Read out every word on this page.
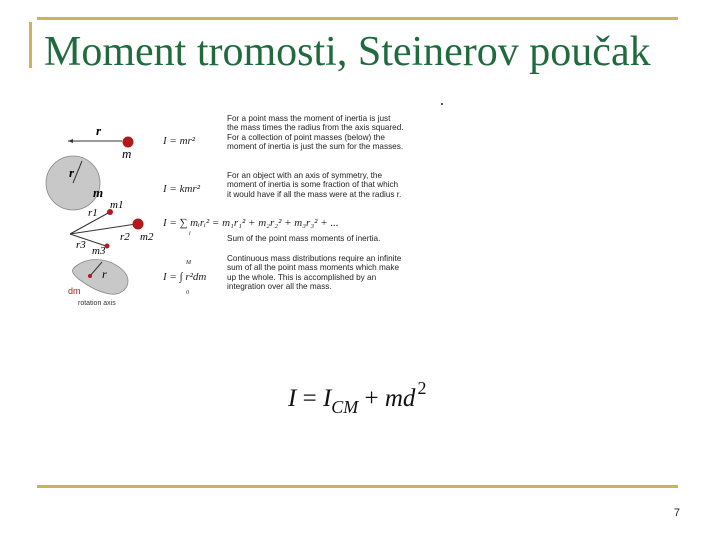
Moment tromosti, Steinerov poučak
r
m
r
m
r1
m1
r2 m2
r3 m3
r
dm
rotation axis
I = mr²
I = kmr²
I = ∑ mᵢrᵢ² = m₁r₁² + m₂r₂² + m₃r₃² + ...
i
I = ∫ r²dm
M
0

For a point mass the moment of inertia is just
the mass times the radius from the axis squared.
For a collection of point masses (below) the
moment of inertia is just the sum for the masses.

For an object with an axis of symmetry, the
moment of inertia is some fraction of that which
it would have if all the mass were at the radius r.

Sum of the point mass moments of inertia.

Continuous mass distributions require an infinite
sum of all the point mass moments which make
up the whole. This is accomplished by an
integration over all the mass.

$I = I_{CM}$ + md $^2$
7
